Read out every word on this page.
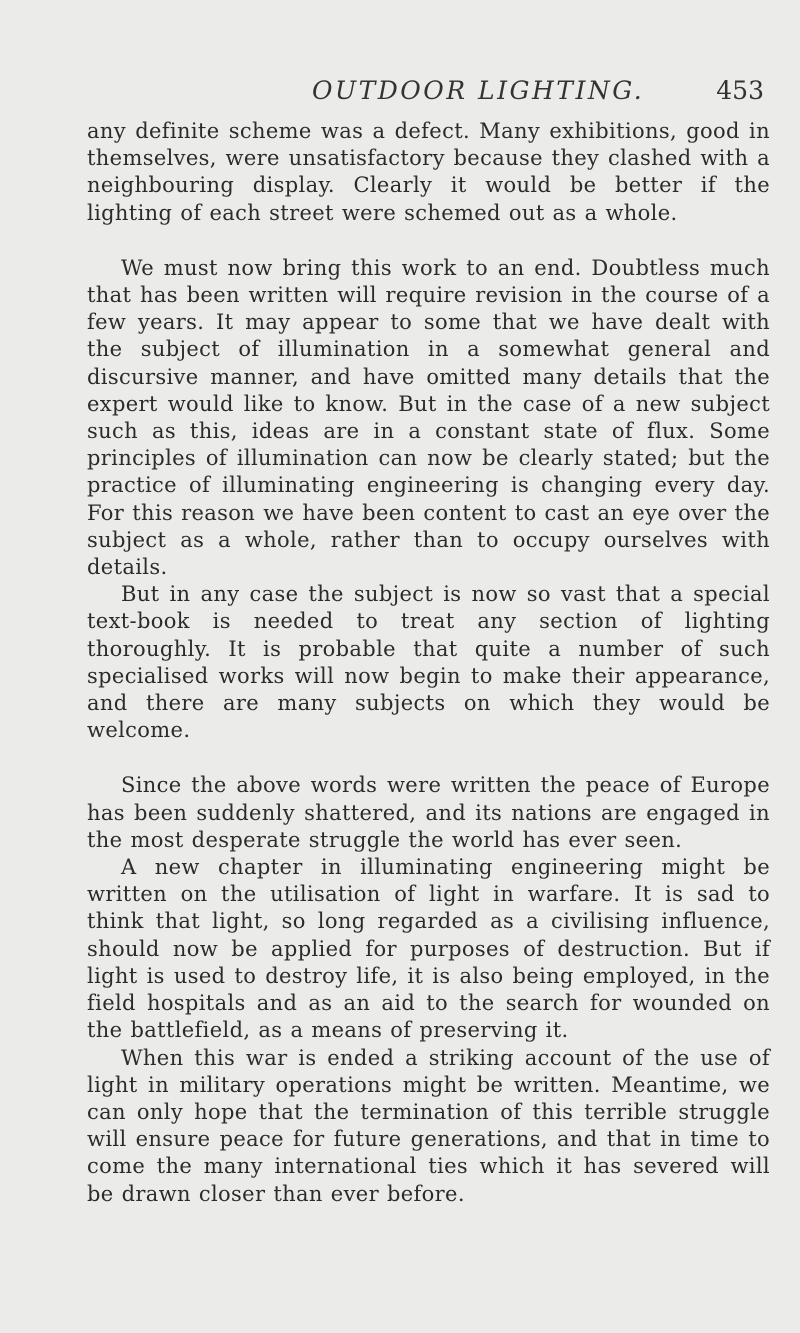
OUTDOOR LIGHTING.	453

any definite scheme was a defect. Many exhibitions, good in themselves, were unsatisfactory because they clashed with a neighbouring display. Clearly it would be better if the lighting of each street were schemed out as a whole.

We must now bring this work to an end. Doubtless much that has been written will require revision in the course of a few years. It may appear to some that we have dealt with the subject of illumination in a somewhat general and discursive manner, and have omitted many details that the expert would like to know. But in the case of a new subject such as this, ideas are in a constant state of flux. Some principles of illumination can now be clearly stated; but the practice of illuminating engineering is changing every day. For this reason we have been content to cast an eye over the subject as a whole, rather than to occupy ourselves with details.

But in any case the subject is now so vast that a special text-book is needed to treat any section of lighting thoroughly. It is probable that quite a number of such specialised works will now begin to make their appearance, and there are many subjects on which they would be welcome.

Since the above words were written the peace of Europe has been suddenly shattered, and its nations are engaged in the most desperate struggle the world has ever seen.

A new chapter in illuminating engineering might be written on the utilisation of light in warfare. It is sad to think that light, so long regarded as a civilising influence, should now be applied for purposes of destruction. But if light is used to destroy life, it is also being employed, in the field hospitals and as an aid to the search for wounded on the battlefield, as a means of preserving it.

When this war is ended a striking account of the use of light in military operations might be written. Meantime, we can only hope that the termination of this terrible struggle will ensure peace for future generations, and that in time to come the many international ties which it has severed will be drawn closer than ever before.
